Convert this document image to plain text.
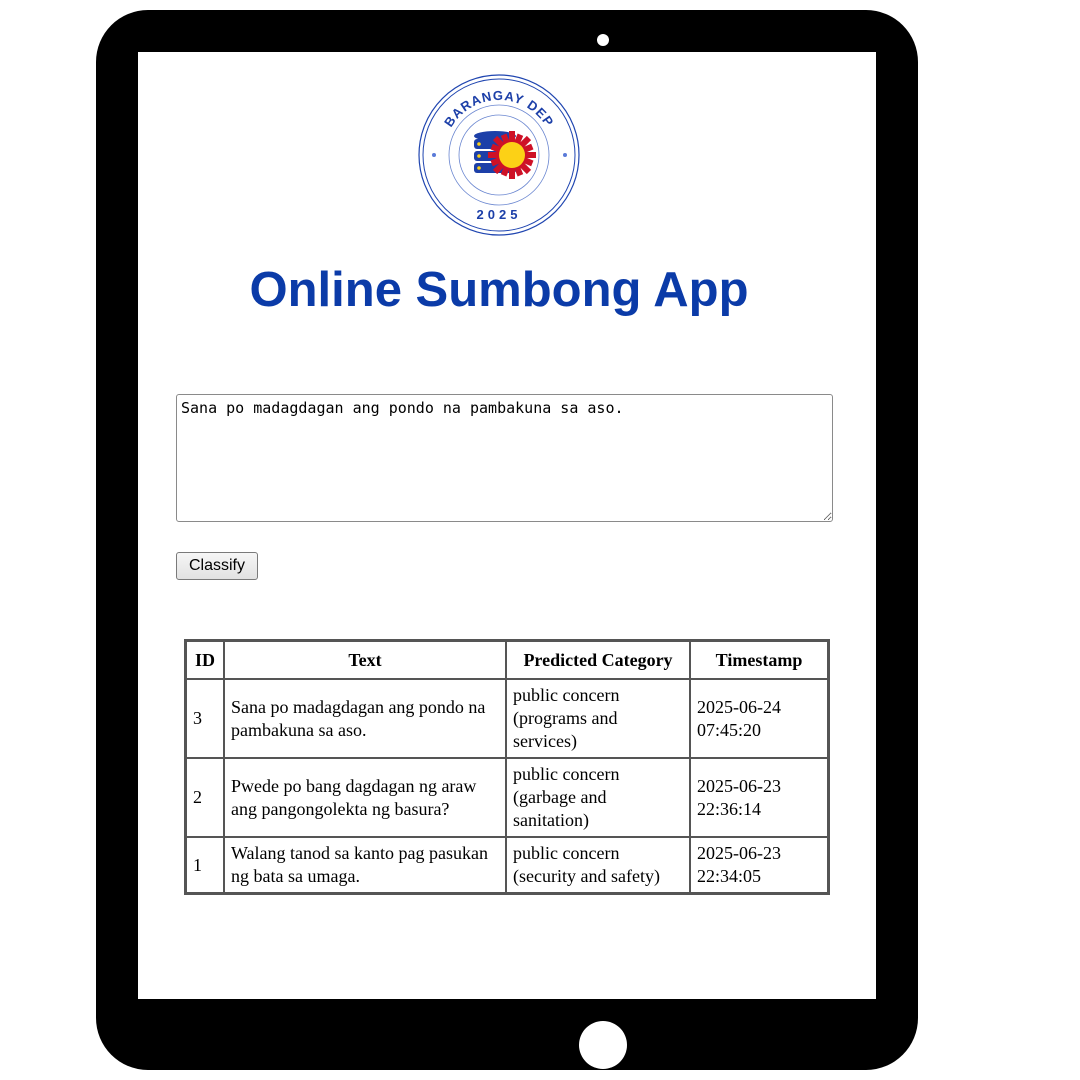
BARANGAY DEP
2025
Online Sumbong App
Sana po madagdagan ang pondo na pambakuna sa aso.
Classify
ID	Text	Predicted Category	Timestamp
3	Sana po madagdagan ang pondo na pambakuna sa aso.	public concern (programs and services)	2025-06-24 07:45:20
2	Pwede po bang dagdagan ng araw ang pangongolekta ng basura?	public concern (garbage and sanitation)	2025-06-23 22:36:14
1	Walang tanod sa kanto pag pasukan ng bata sa umaga.	public concern (security and safety)	2025-06-23 22:34:05
